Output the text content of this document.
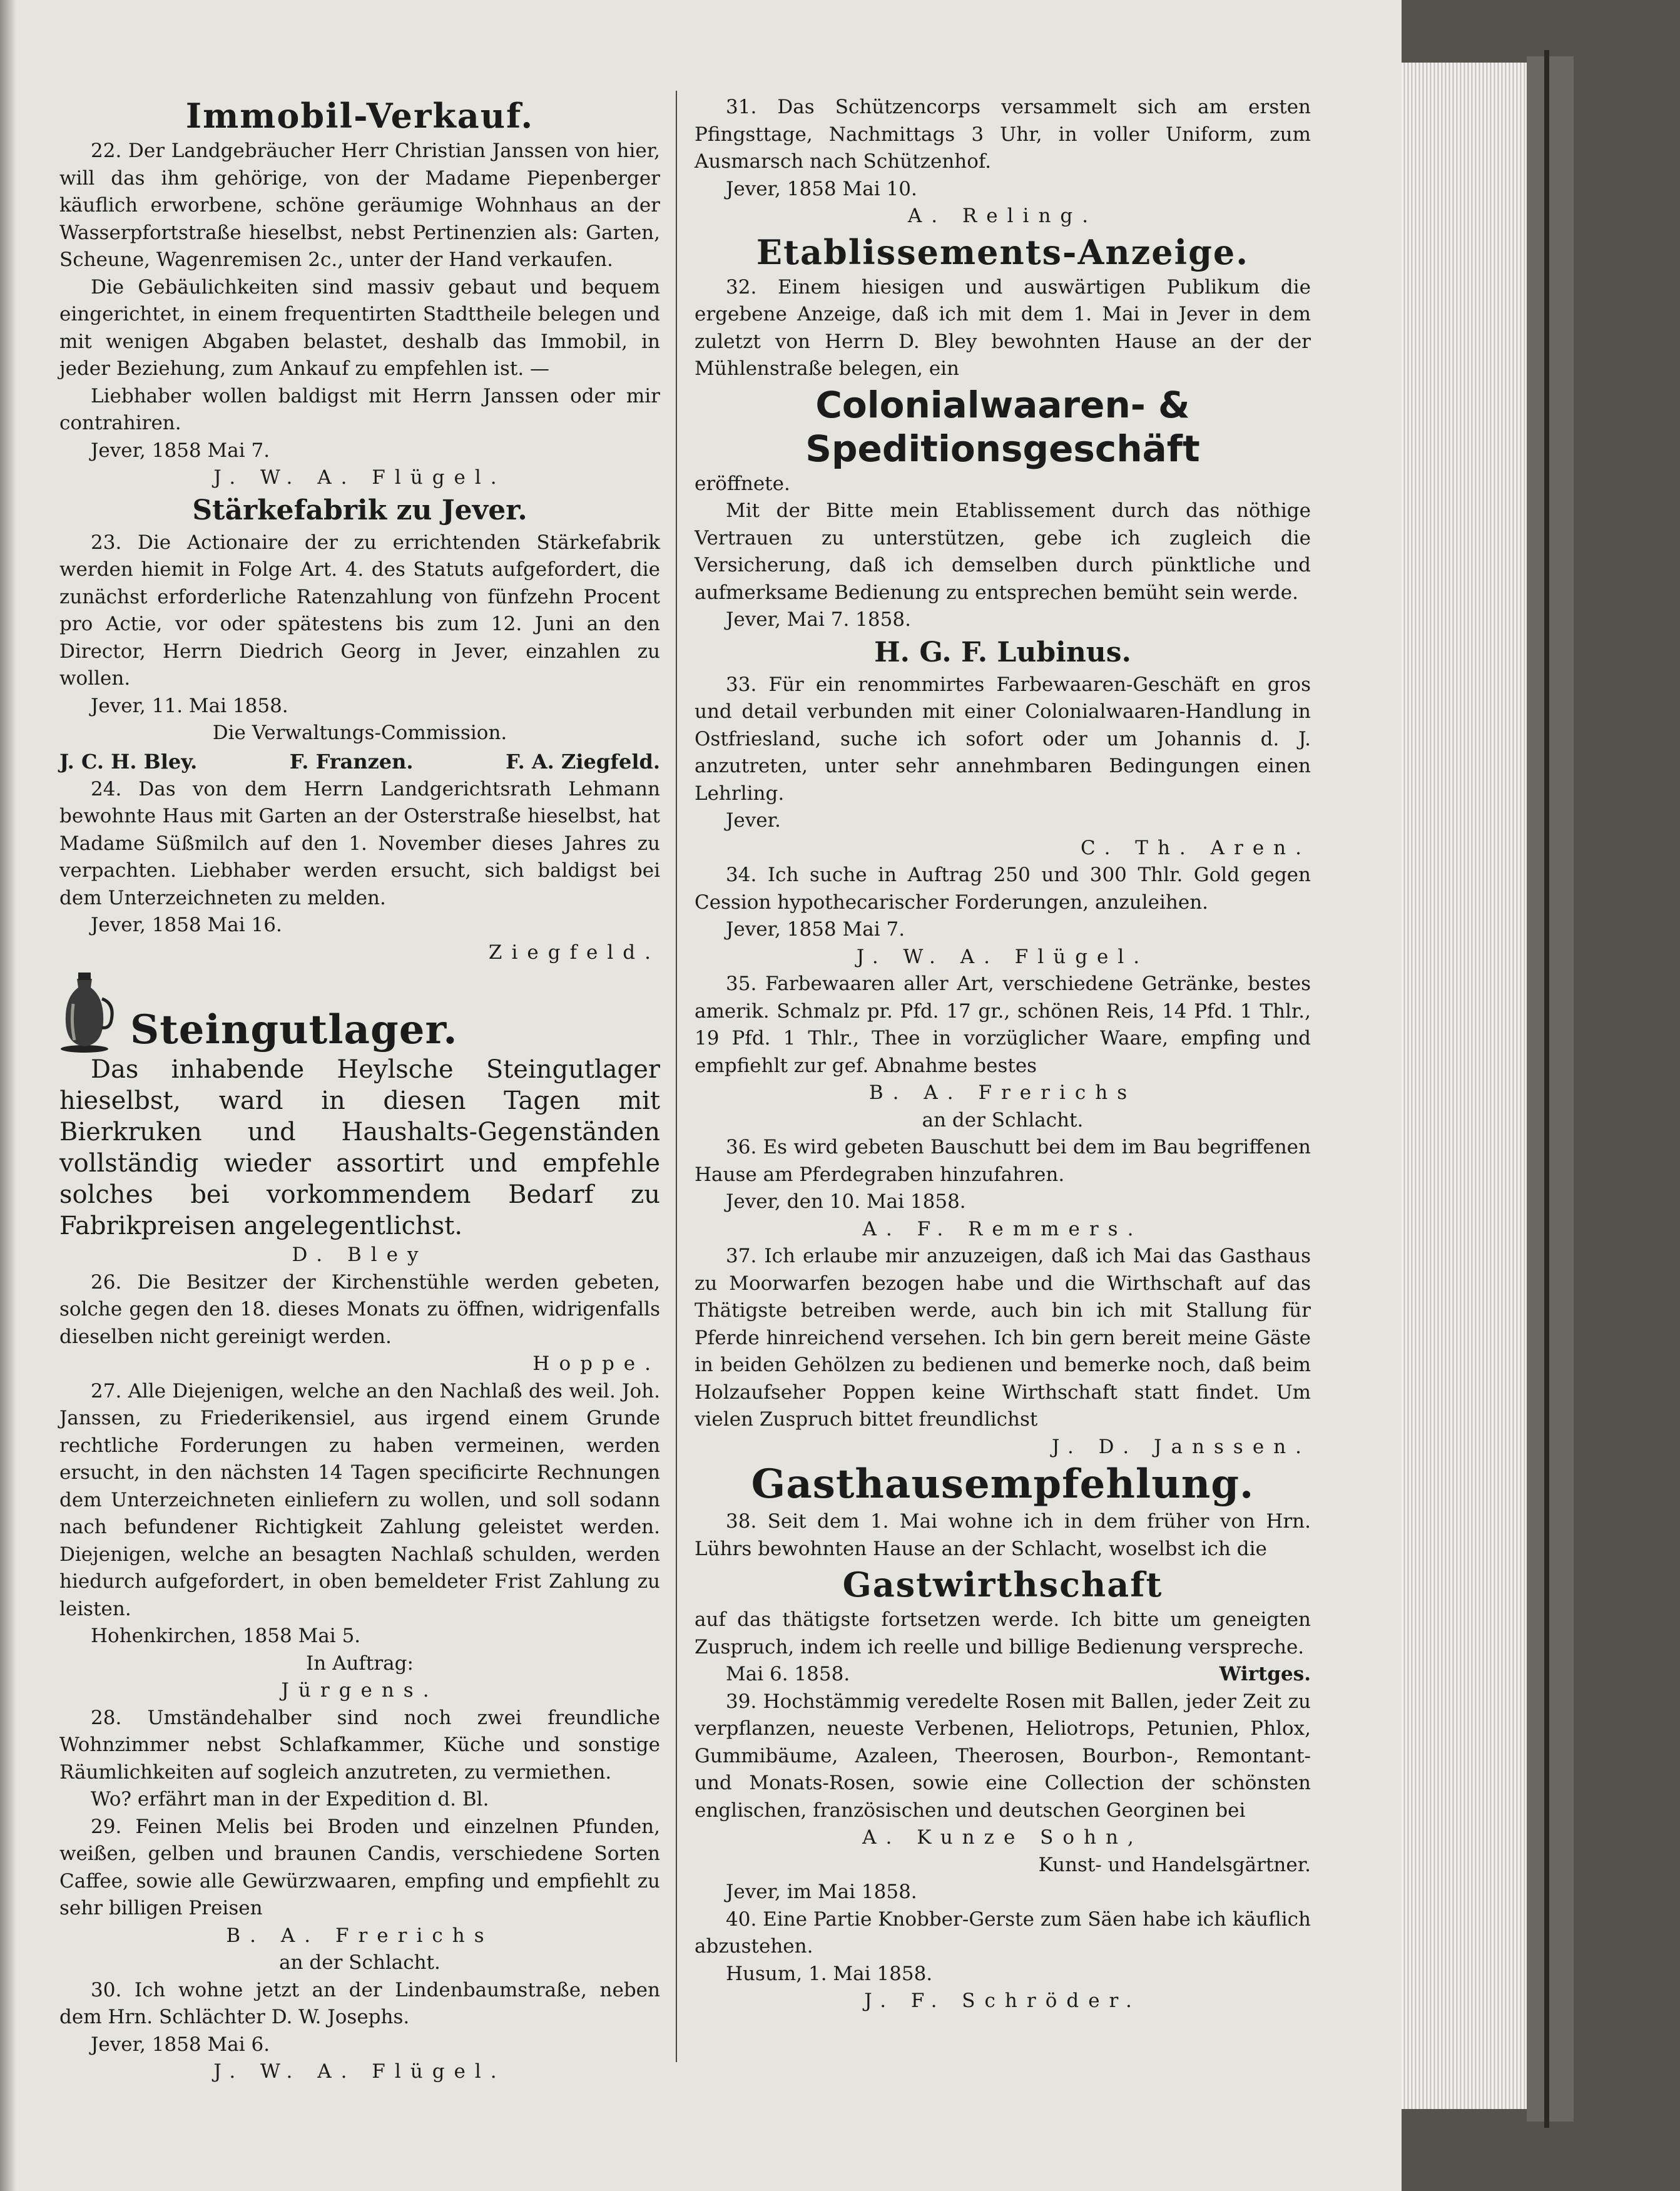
Immobil-Verkauf.

22. Der Landgebräucher Herr Christian Janssen von hier, will das ihm gehörige, von der Madame Piepenberger käuflich erworbene, schöne geräumige Wohnhaus an der Wasserpfortstraße hieselbst, nebst Pertinenzien als: Garten, Scheune, Wagenremisen 2c., unter der Hand verkaufen.

Die Gebäulichkeiten sind massiv gebaut und bequem eingerichtet, in einem frequentirten Stadttheile belegen und mit wenigen Abgaben belastet, deshalb das Immobil, in jeder Beziehung, zum Ankauf zu empfehlen ist. —

Liebhaber wollen baldigst mit Herrn Janssen oder mir contrahiren.

Jever, 1858 Mai 7.

J. W. A. Flügel.

Stärkefabrik zu Jever.

23. Die Actionaire der zu errichtenden Stärkefabrik werden hiemit in Folge Art. 4. des Statuts aufgefordert, die zunächst erforderliche Ratenzahlung von fünfzehn Procent pro Actie, vor oder spätestens bis zum 12. Juni an den Director, Herrn Diedrich Georg in Jever, einzahlen zu wollen.

Jever, 11. Mai 1858.

Die Verwaltungs-Commission.

J. C. H. Bley.	F. Franzen.	F. A. Ziegfeld.

24. Das von dem Herrn Landgerichtsrath Lehmann bewohnte Haus mit Garten an der Osterstraße hieselbst, hat Madame Süßmilch auf den 1. November dieses Jahres zu verpachten. Liebhaber werden ersucht, sich baldigst bei dem Unterzeichneten zu melden.

Jever, 1858 Mai 16.

Ziegfeld.

Steingutlager.

Das inhabende Heylsche Steingutlager hieselbst, ward in diesen Tagen mit Bierkruken und Haushalts-Gegenständen vollständig wieder assortirt und empfehle solches bei vorkommendem Bedarf zu Fabrikpreisen angelegentlichst.

D. Bley

26. Die Besitzer der Kirchenstühle werden gebeten, solche gegen den 18. dieses Monats zu öffnen, widrigenfalls dieselben nicht gereinigt werden.

Hoppe.

27. Alle Diejenigen, welche an den Nachlaß des weil. Joh. Janssen, zu Friederikensiel, aus irgend einem Grunde rechtliche Forderungen zu haben vermeinen, werden ersucht, in den nächsten 14 Tagen specificirte Rechnungen dem Unterzeichneten einliefern zu wollen, und soll sodann nach befundener Richtigkeit Zahlung geleistet werden. Diejenigen, welche an besagten Nachlaß schulden, werden hiedurch aufgefordert, in oben bemeldeter Frist Zahlung zu leisten.

Hohenkirchen, 1858 Mai 5.

In Auftrag:

Jürgens.

28. Umständehalber sind noch zwei freundliche Wohnzimmer nebst Schlafkammer, Küche und sonstige Räumlichkeiten auf sogleich anzutreten, zu vermiethen.

Wo? erfährt man in der Expedition d. Bl.

29. Feinen Melis bei Broden und einzelnen Pfunden, weißen, gelben und braunen Candis, verschiedene Sorten Caffee, sowie alle Gewürzwaaren, empfing und empfiehlt zu sehr billigen Preisen

B. A. Frerichs

an der Schlacht.

30. Ich wohne jetzt an der Lindenbaumstraße, neben dem Hrn. Schlächter D. W. Josephs.

Jever, 1858 Mai 6.

J. W. A. Flügel.

31. Das Schützencorps versammelt sich am ersten Pfingsttage, Nachmittags 3 Uhr, in voller Uniform, zum Ausmarsch nach Schützenhof.

Jever, 1858 Mai 10.

A. Reling.

Etablissements-Anzeige.

32. Einem hiesigen und auswärtigen Publikum die ergebene Anzeige, daß ich mit dem 1. Mai in Jever in dem zuletzt von Herrn D. Bley bewohnten Hause an der der Mühlenstraße belegen, ein

Colonialwaaren- &

Speditionsgeschäft

eröffnete.

Mit der Bitte mein Etablissement durch das nöthige Vertrauen zu unterstützen, gebe ich zugleich die Versicherung, daß ich demselben durch pünktliche und aufmerksame Bedienung zu entsprechen bemüht sein werde.

Jever, Mai 7. 1858.

H. G. F. Lubinus.

33. Für ein renommirtes Farbewaaren-Geschäft en gros und detail verbunden mit einer Colonialwaaren-Handlung in Ostfriesland, suche ich sofort oder um Johannis d. J. anzutreten, unter sehr annehmbaren Bedingungen einen Lehrling.

Jever.

C. Th. Aren.

34. Ich suche in Auftrag 250 und 300 Thlr. Gold gegen Cession hypothecarischer Forderungen, anzuleihen.

Jever, 1858 Mai 7.

J. W. A. Flügel.

35. Farbewaaren aller Art, verschiedene Getränke, bestes amerik. Schmalz pr. Pfd. 17 gr., schönen Reis, 14 Pfd. 1 Thlr., 19 Pfd. 1 Thlr., Thee in vorzüglicher Waare, empfing und empfiehlt zur gef. Abnahme bestes

B. A. Frerichs

an der Schlacht.

36. Es wird gebeten Bauschutt bei dem im Bau begriffenen Hause am Pferdegraben hinzufahren.

Jever, den 10. Mai 1858.

A. F. Remmers.

37. Ich erlaube mir anzuzeigen, daß ich Mai das Gasthaus zu Moorwarfen bezogen habe und die Wirthschaft auf das Thätigste betreiben werde, auch bin ich mit Stallung für Pferde hinreichend versehen. Ich bin gern bereit meine Gäste in beiden Gehölzen zu bedienen und bemerke noch, daß beim Holzaufseher Poppen keine Wirthschaft statt findet. Um vielen Zuspruch bittet freundlichst

J. D. Janssen.

Gasthausempfehlung.

38. Seit dem 1. Mai wohne ich in dem früher von Hrn. Lührs bewohnten Hause an der Schlacht, woselbst ich die

Gastwirthschaft

auf das thätigste fortsetzen werde. Ich bitte um geneigten Zuspruch, indem ich reelle und billige Bedienung verspreche.

Mai 6. 1858.	Wirtges.

39. Hochstämmig veredelte Rosen mit Ballen, jeder Zeit zu verpflanzen, neueste Verbenen, Heliotrops, Petunien, Phlox, Gummibäume, Azaleen, Theerosen, Bourbon-, Remontant- und Monats-Rosen, sowie eine Collection der schönsten englischen, französischen und deutschen Georginen bei

A. Kunze Sohn,

Kunst- und Handelsgärtner.

Jever, im Mai 1858.

40. Eine Partie Knobber-Gerste zum Säen habe ich käuflich abzustehen.

Husum, 1. Mai 1858.

J. F. Schröder.
